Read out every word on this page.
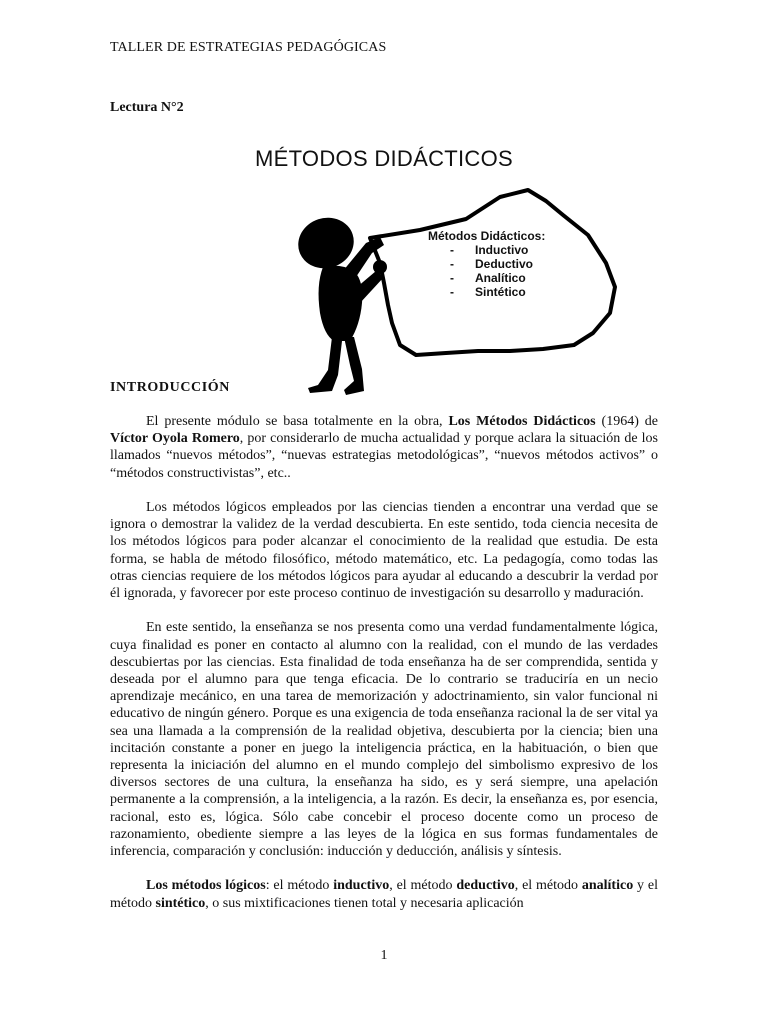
TALLER DE ESTRATEGIAS PEDAGÓGICAS
Lectura N°2
MÉTODOS DIDÁCTICOS
Métodos Didácticos:
- Inductivo
- Deductivo
- Analítico
- Sintético
INTRODUCCIÓN

El presente módulo se basa totalmente en la obra, Los Métodos Didácticos (1964) de Víctor Oyola Romero, por considerarlo de mucha actualidad y porque aclara la situación de los llamados “nuevos métodos”, “nuevas estrategias metodológicas”, “nuevos métodos activos” o “métodos constructivistas”, etc..

Los métodos lógicos empleados por las ciencias tienden a encontrar una verdad que se ignora o demostrar la validez de la verdad descubierta. En este sentido, toda ciencia necesita de los métodos lógicos para poder alcanzar el conocimiento de la realidad que estudia. De esta forma, se habla de método filosófico, método matemático, etc. La pedagogía, como todas las otras ciencias requiere de los métodos lógicos para ayudar al educando a descubrir la verdad por él ignorada, y favorecer por este proceso continuo de investigación su desarrollo y maduración.

En este sentido, la enseñanza se nos presenta como una verdad fundamentalmente lógica, cuya finalidad es poner en contacto al alumno con la realidad, con el mundo de las verdades descubiertas por las ciencias. Esta finalidad de toda enseñanza ha de ser comprendida, sentida y deseada por el alumno para que tenga eficacia. De lo contrario se traduciría en un necio aprendizaje mecánico, en una tarea de memorización y adoctrinamiento, sin valor funcional ni educativo de ningún género. Porque es una exigencia de toda enseñanza racional la de ser vital ya sea una llamada a la comprensión de la realidad objetiva, descubierta por la ciencia; bien una incitación constante a poner en juego la inteligencia práctica, en la habituación, o bien que representa la iniciación del alumno en el mundo complejo del simbolismo expresivo de los diversos sectores de una cultura, la enseñanza ha sido, es y será siempre, una apelación permanente a la comprensión, a la inteligencia, a la razón. Es decir, la enseñanza es, por esencia, racional, esto es, lógica. Sólo cabe concebir el proceso docente como un proceso de razonamiento, obediente siempre a las leyes de la lógica en sus formas fundamentales de inferencia, comparación y conclusión: inducción y deducción, análisis y síntesis.

Los métodos lógicos: el método inductivo, el método deductivo, el método analítico y el método sintético, o sus mixtificaciones tienen total y necesaria aplicación

1
